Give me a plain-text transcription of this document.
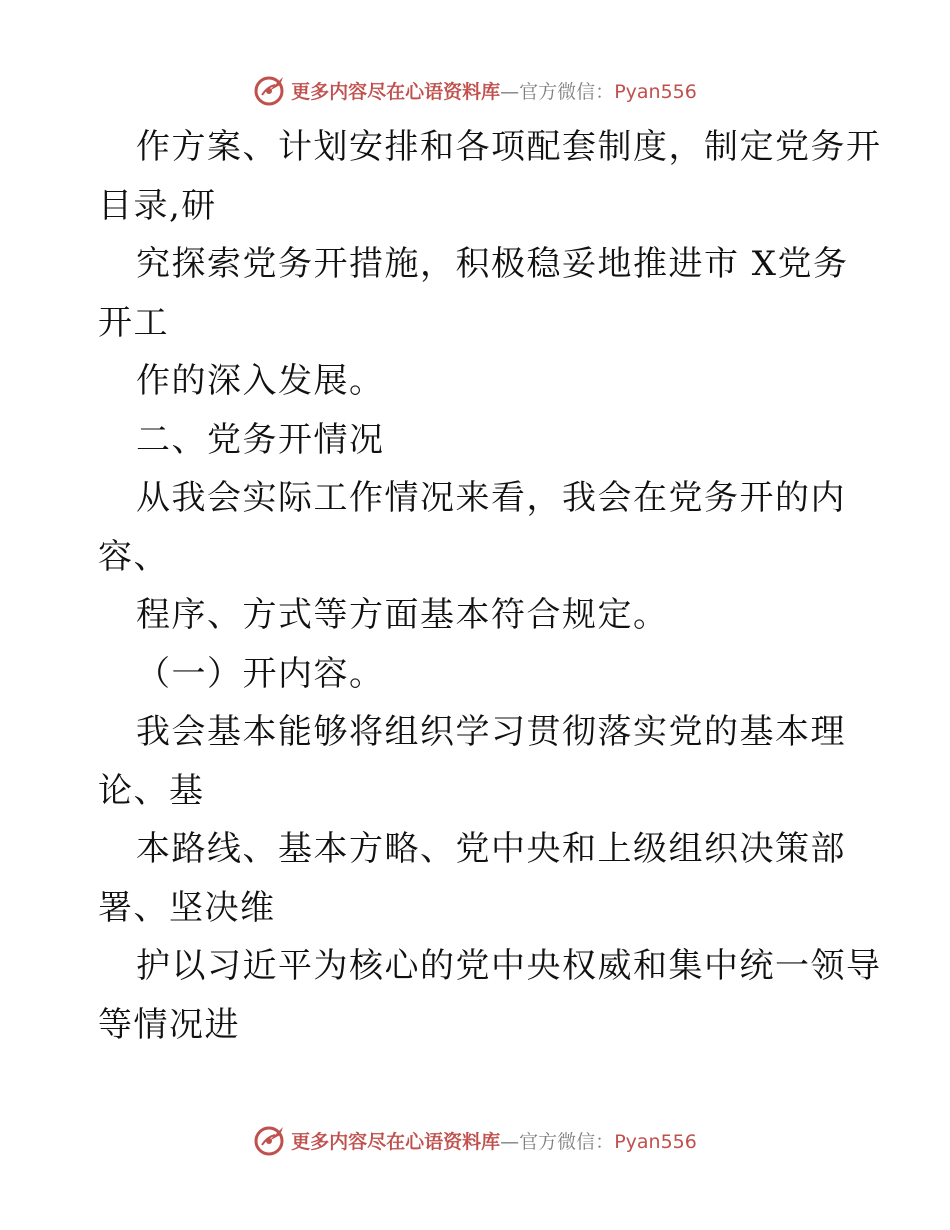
更多内容尽在心语资料库—官方微信：Pyan556
作方案、计划安排和各项配套制度，制定党务开
目录,研
究探索党务开措施，积极稳妥地推进市 X党务
开工
作的深入发展。
二、党务开情况
从我会实际工作情况来看，我会在党务开的内
容、
程序、方式等方面基本符合规定。
（一）开内容。
我会基本能够将组织学习贯彻落实党的基本理
论、基
本路线、基本方略、党中央和上级组织决策部
署、坚决维
护以习近平为核心的党中央权威和集中统一领导
等情况进
更多内容尽在心语资料库—官方微信：Pyan556
